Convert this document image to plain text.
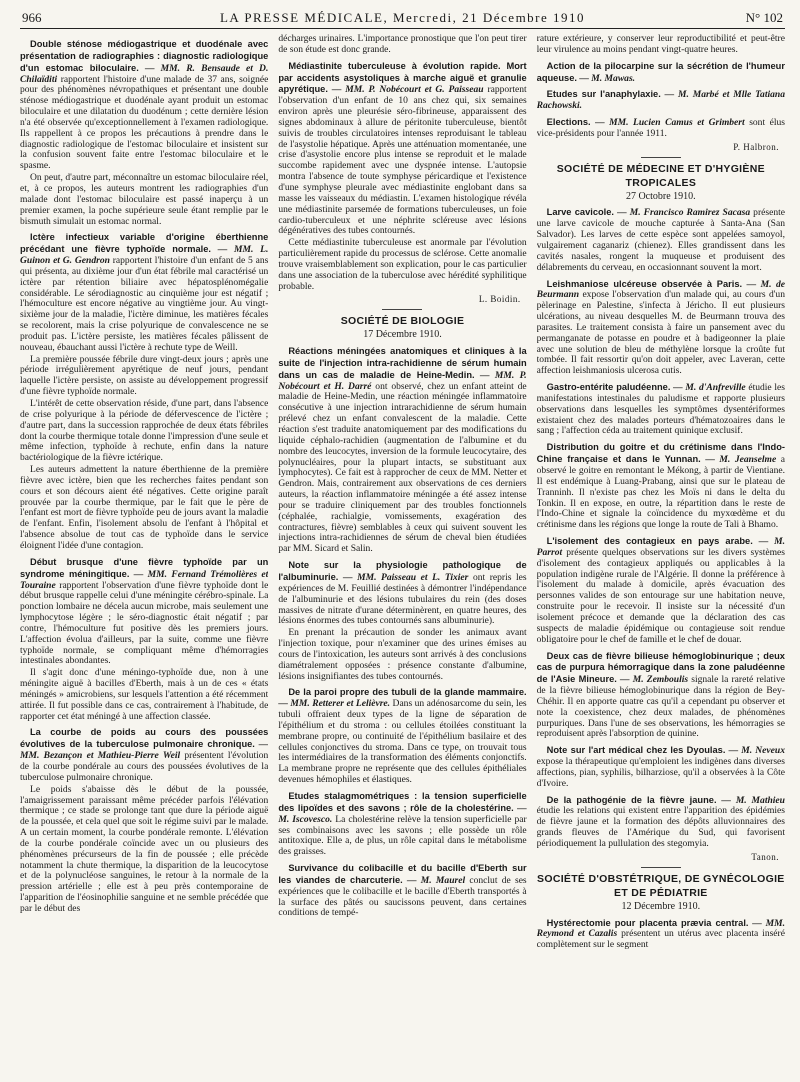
966	LA PRESSE MÉDICALE, Mercredi, 21 Décembre 1910	N° 102

Double sténose médiogastrique et duodénale avec présentation de radiographies : diagnostic radiologique d'un estomac biloculaire. — MM. R. Bensaude et D. Chilaïditi rapportent l'histoire d'une malade de 37 ans, soignée pour des phénomènes névropathiques et présentant une double sténose médiogastrique et duodénale ayant produit un estomac biloculaire et une dilatation du duodénum ; cette dernière lésion n'a été observée qu'exceptionnellement à l'examen radiologique. Ils rappellent à ce propos les précautions à prendre dans le diagnostic radiologique de l'estomac biloculaire et insistent sur la confusion souvent faite entre l'estomac biloculaire et le spasme.

On peut, d'autre part, méconnaître un estomac biloculaire réel, et, à ce propos, les auteurs montrent les radiographies d'un malade dont l'estomac biloculaire est passé inaperçu à un premier examen, la poche supérieure seule étant remplie par le bismuth simulait un estomac normal.

Ictère infectieux variable d'origine éberthienne précédant une fièvre typhoïde normale. — MM. L. Guinon et G. Gendron rapportent l'histoire d'un enfant de 5 ans qui présenta, au dixième jour d'un état fébrile mal caractérisé un ictère par rétention biliaire avec hépatosplénomégalie considérable. Le sérodiagnostic au cinquième jour est négatif ; l'hémoculture est encore négative au vingtième jour. Au vingt-sixième jour de la maladie, l'ictère diminue, les matières fécales se recolorent, mais la crise polyurique de convalescence ne se produit pas. L'ictère persiste, les matières fécales pâlissent de nouveau, ébauchant aussi l'ictère à rechute type de Weill.

La première poussée fébrile dure vingt-deux jours ; après une période irrégulièrement apyrétique de neuf jours, pendant laquelle l'ictère persiste, on assiste au développement progressif d'une fièvre typhoïde normale.

L'intérêt de cette observation réside, d'une part, dans l'absence de crise polyurique à la période de défervescence de l'ictère ; d'autre part, dans la succession rapprochée de deux états fébriles dont la courbe thermique totale donne l'impression d'une seule et même infection, typhoïde à rechute, enfin dans la nature bactériologique de la fièvre ictérique.

Les auteurs admettent la nature éberthienne de la première fièvre avec ictère, bien que les recherches faites pendant son cours et son décours aient été négatives. Cette origine paraît prouvée par la courbe thermique, par le fait que le père de l'enfant est mort de fièvre typhoïde peu de jours avant la maladie de l'enfant. Enfin, l'isolement absolu de l'enfant à l'hôpital et l'absence absolue de tout cas de typhoïde dans le service éloignent l'idée d'une contagion.

Début brusque d'une fièvre typhoïde par un syndrome méningitique. — MM. Fernand Trémolières et Touraine rapportent l'observation d'une fièvre typhoïde dont le début brusque rappelle celui d'une méningite cérébro-spinale. La ponction lombaire ne décela aucun microbe, mais seulement une lymphocytose légère ; le séro-diagnostic était négatif ; par contre, l'hémoculture fut positive dès les premiers jours. L'affection évolua d'ailleurs, par la suite, comme une fièvre typhoïde normale, se compliquant même d'hémorragies intestinales abondantes.

Il s'agit donc d'une méningo-typhoïde due, non à une méningite aiguë à bacilles d'Eberth, mais à un de ces « états méningés » amicrobiens, sur lesquels l'attention a été récemment attirée. Il fut possible dans ce cas, contrairement à l'habitude, de rapporter cet état méningé à une affection classée.

La courbe de poids au cours des poussées évolutives de la tuberculose pulmonaire chronique. — MM. Bezançon et Mathieu-Pierre Weil présentent l'évolution de la courbe pondérale au cours des poussées évolutives de la tuberculose pulmonaire chronique.

Le poids s'abaisse dès le début de la poussée, l'amaigrissement paraissant même précéder parfois l'élévation thermique ; ce stade se prolonge tant que dure la période aiguë de la poussée, et cela quel que soit le régime suivi par le malade. A un certain moment, la courbe pondérale remonte. L'élévation de la courbe pondérale coïncide avec un ou plusieurs des phénomènes précurseurs de la fin de poussée ; elle précède notamment la chute thermique, la disparition de la leucocytose et de la polynucléose sanguines, le retour à la normale de la pression artérielle ; elle est à peu près contemporaine de l'apparition de l'éosinophilie sanguine et ne semble précédée que par le début des

décharges urinaires. L'importance pronostique que l'on peut tirer de son étude est donc grande.

Médiastinite tuberculeuse à évolution rapide. Mort par accidents asystoliques à marche aiguë et granulie apyrétique. — MM. P. Nobécourt et G. Paisseau rapportent l'observation d'un enfant de 10 ans chez qui, six semaines environ après une pleurésie séro-fibrineuse, apparaissent des signes abdominaux à allure de péritonite tuberculeuse, bientôt suivis de troubles circulatoires intenses reproduisant le tableau de l'asystolie hépatique. Après une atténuation momentanée, une crise d'asystolie encore plus intense se reproduit et le malade succombe rapidement avec une dyspnée intense. L'autopsie montra l'absence de toute symphyse péricardique et l'existence d'une symphyse pleurale avec médiastinite englobant dans sa masse les vaisseaux du médiastin. L'examen histologique révéla une médiastinite parsemée de formations tuberculeuses, un foie cardio-tuberculeux et une néphrite scléreuse avec lésions dégénératives des tubes contournés.

Cette médiastinite tuberculeuse est anormale par l'évolution particulièrement rapide du processus de sclérose. Cette anomalie trouve vraisemblablement son explication, pour le cas particulier dans une association de la tuberculose avec hérédité syphilitique probable.

L. Boidin.
SOCIÉTÉ DE BIOLOGIE
17 Décembre 1910.

Réactions méningées anatomiques et cliniques à la suite de l'injection intra-rachidienne de sérum humain dans un cas de maladie de Heine-Medin. — MM. P. Nobécourt et H. Darré ont observé, chez un enfant atteint de maladie de Heine-Medin, une réaction méningée inflammatoire consécutive à une injection intrarachidienne de sérum humain prélevé chez un enfant convalescent de la maladie. Cette réaction s'est traduite anatomiquement par des modifications du liquide céphalo-rachidien (augmentation de l'albumine et du nombre des leucocytes, inversion de la formule leucocytaire, des polynucléaires, pour la plupart intacts, se substituant aux lymphocytes). Ce fait est à rapprocher de ceux de MM. Netter et Gendron. Mais, contrairement aux observations de ces derniers auteurs, la réaction inflammatoire méningée a été assez intense pour se traduire cliniquement par des troubles fonctionnels (céphalée, rachialgie, vomissements, exagération des contractures, fièvre) semblables à ceux qui suivent souvent les injections intra-rachidiennes de sérum de cheval bien étudiées par MM. Sicard et Salin.

Note sur la physiologie pathologique de l'albuminurie. — MM. Paisseau et L. Tixier ont repris les expériences de M. Feuillié destinées à démontrer l'indépendance de l'albuminurie et des lésions tubulaires du rein (des doses massives de nitrate d'urane déterminèrent, en quatre heures, des lésions énormes des tubes contournés sans albuminurie).

En prenant la précaution de sonder les animaux avant l'injection toxique, pour n'examiner que des urines émises au cours de l'intoxication, les auteurs sont arrivés à des conclusions diamétralement opposées : présence constante d'albumine, lésions insignifiantes des tubes contournés.

De la paroi propre des tubuli de la glande mammaire. — MM. Retterer et Lelièvre. Dans un adénosarcome du sein, les tubuli offraient deux types de la ligne de séparation de l'épithélium et du stroma : ou cellules étoilées constituant la membrane propre, ou continuité de l'épithélium basilaire et des cellules conjonctives du stroma. Dans ce type, on trouvait tous les intermédiaires de la transformation des éléments conjonctifs. La membrane propre ne représente que des cellules épithéliales devenues hémophiles et élastiques.

Etudes stalagmométriques : la tension superficielle des lipoïdes et des savons ; rôle de la cholestérine. — M. Iscovesco. La cholestérine relève la tension superficielle par ses combinaisons avec les savons ; elle possède un rôle antitoxique. Elle a, de plus, un rôle capital dans le métabolisme des graisses.

Survivance du colibacille et du bacille d'Eberth sur les viandes de charcuterie. — M. Maurel conclut de ses expériences que le colibacille et le bacille d'Eberth transportés à la surface des pâtés ou saucissons peuvent, dans certaines conditions de tempé-

rature extérieure, y conserver leur reproductibilité et peut-être leur virulence au moins pendant vingt-quatre heures.

Action de la pilocarpine sur la sécrétion de l'humeur aqueuse. — M. Mawas.

Etudes sur l'anaphylaxie. — M. Marbé et Mlle Tatiana Rachowski.

Elections. — MM. Lucien Camus et Grimbert sont élus vice-présidents pour l'année 1911.

P. Halbron.
SOCIÉTÉ DE MÉDECINE ET D'HYGIÈNE TROPICALES
27 Octobre 1910.

Larve cavicole. — M. Francisco Ramirez Sacasa présente une larve cavicole de mouche capturée à Santa-Ana (San Salvador). Les larves de cette espèce sont appelées samoyol, vulgairement caganariz (chienez). Elles grandissent dans les cavités nasales, rongent la muqueuse et produisent des délabrements du cerveau, en occasionnant souvent la mort.

Leishmaniose ulcéreuse observée à Paris. — M. de Beurmann expose l'observation d'un malade qui, au cours d'un pèlerinage en Palestine, s'infecta à Jéricho. Il eut plusieurs ulcérations, au niveau desquelles M. de Beurmann trouva des parasites. Le traitement consista à faire un pansement avec du permanganate de potasse en poudre et à badigeonner la plaie avec une solution de bleu de méthylène lorsque la croûte fut tombée. Il fait ressortir qu'on doit appeler, avec Laveran, cette affection leishmaniosis ulcerosa cutis.

Gastro-entérite paludéenne. — M. d'Anfreville étudie les manifestations intestinales du paludisme et rapporte plusieurs observations dans lesquelles les symptômes dysentériformes existaient chez des malades porteurs d'hématozoaires dans le sang ; l'affection céda au traitement quinique exclusif.

Distribution du goitre et du crétinisme dans l'Indo-Chine française et dans le Yunnan. — M. Jeanselme a observé le goitre en remontant le Mékong, à partir de Vientiane. Il est endémique à Luang-Prabang, ainsi que sur le plateau de Tranninh. Il n'existe pas chez les Moïs ni dans le delta du Tonkin. Il en expose, en outre, la répartition dans le reste de l'Indo-Chine et signale la coïncidence du myxœdème et du crétinisme dans les régions que longe la route de Tali à Bhamo.

L'isolement des contagieux en pays arabe. — M. Parrot présente quelques observations sur les divers systèmes d'isolement des contagieux appliqués ou applicables à la population indigène rurale de l'Algérie. Il donne la préférence à l'isolement du malade à domicile, après évacuation des personnes valides de son entourage sur une habitation neuve, construite pour le recevoir. Il insiste sur la nécessité d'un isolement précoce et demande que la déclaration des cas suspects de maladie épidémique ou contagieuse soit rendue obligatoire pour le chef de famille et le chef de douar.

Deux cas de fièvre bilieuse hémoglobinurique ; deux cas de purpura hémorragique dans la zone paludéenne de l'Asie Mineure. — M. Zemboulis signale la rareté relative de la fièvre bilieuse hémoglobinurique dans la région de Bey-Chéhir. Il en apporte quatre cas qu'il a cependant pu observer et note la coexistence, chez deux malades, de phénomènes purpuriques. Dans l'une de ses observations, les hémorragies se reproduisent après l'absorption de quinine.

Note sur l'art médical chez les Dyoulas. — M. Neveux expose la thérapeutique qu'emploient les indigènes dans diverses affections, pian, syphilis, bilharziose, qu'il a observées à la Côte d'Ivoire.

De la pathogénie de la fièvre jaune. — M. Mathieu étudie les relations qui existent entre l'apparition des épidémies de fièvre jaune et la formation des dépôts alluvionnaires des grands fleuves de l'Amérique du Sud, qui favorisent périodiquement la pullulation des stegomyia.

Tanon.
SOCIÉTÉ D'OBSTÉTRIQUE, DE GYNÉCOLOGIE ET DE PÉDIATRIE
12 Décembre 1910.

Hystérectomie pour placenta prævia central. — MM. Reymond et Cazalis présentent un utérus avec placenta inséré complètement sur le segment
